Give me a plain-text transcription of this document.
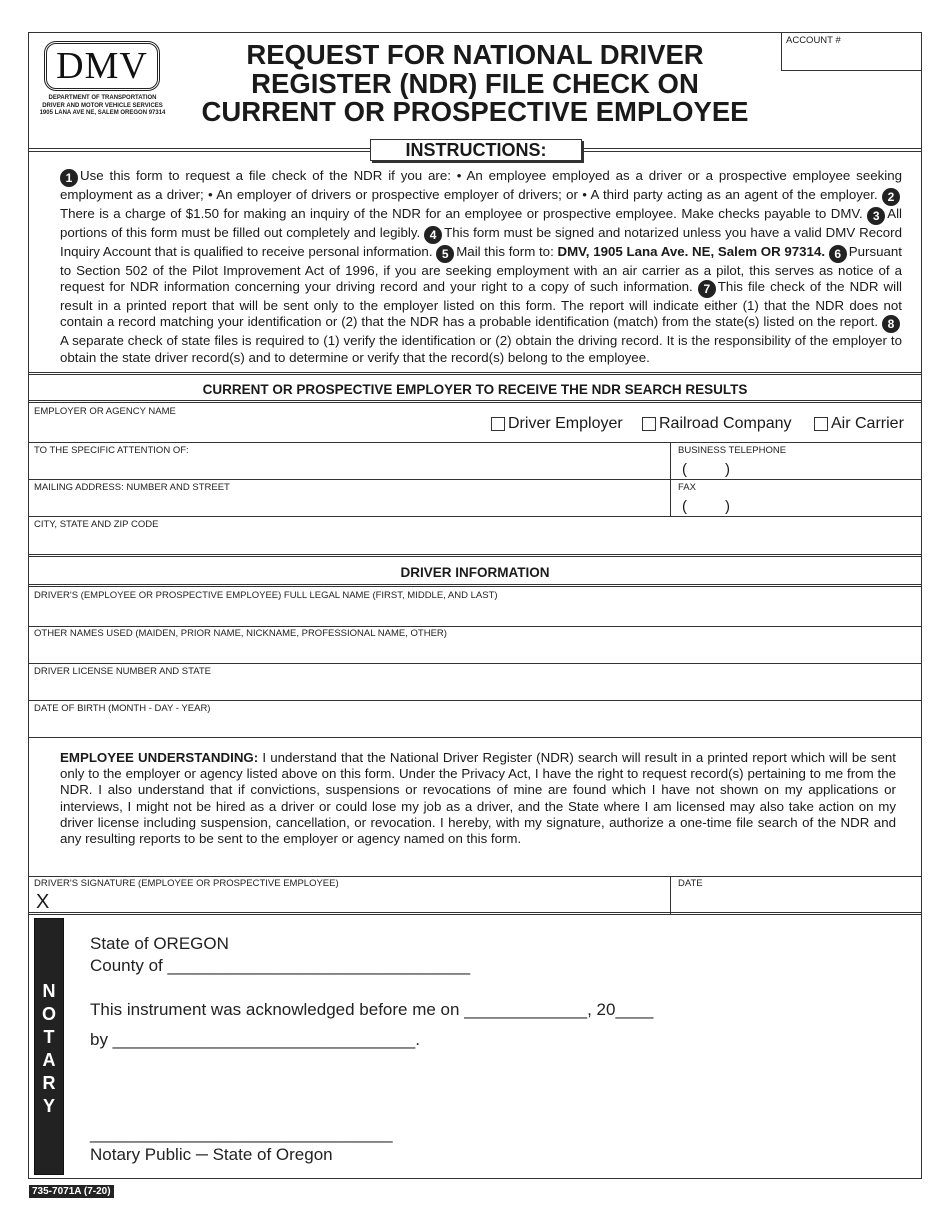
DMV
DEPARTMENT OF TRANSPORTATION
DRIVER AND MOTOR VEHICLE SERVICES
1905 LANA AVE NE, SALEM OREGON 97314
REQUEST FOR NATIONAL DRIVER
REGISTER (NDR) FILE CHECK ON
CURRENT OR PROSPECTIVE EMPLOYEE
ACCOUNT #
INSTRUCTIONS:
1 Use this form to request a file check of the NDR if you are: • An employee employed as a driver or a prospective employee seeking employment as a driver; • An employer of drivers or prospective employer of drivers; or • A third party acting as an agent of the employer. 2There is a charge of $1.50 for making an inquiry of the NDR for an employee or prospective employee. Make checks payable to DMV. 3 All portions of this form must be filled out completely and legibly. 4 This form must be signed and notarized unless you have a valid DMV Record Inquiry Account that is qualified to receive personal information. 5 Mail this form to: DMV, 1905 Lana Ave. NE, Salem OR 97314. 6 Pursuant to Section 502 of the Pilot Improvement Act of 1996, if you are seeking employment with an air carrier as a pilot, this serves as notice of a request for NDR information concerning your driving record and your right to a copy of such information. 7 This file check of the NDR will result in a printed report that will be sent only to the employer listed on this form. The report will indicate either (1) that the NDR does not contain a record matching your identification or (2) that the NDR has a probable identification (match) from the state(s) listed on the report. 8A separate check of state files is required to (1) verify the identification or (2) obtain the driving record. It is the responsibility of the employer to obtain the state driver record(s) and to determine or verify that the record(s) belong to the employee.
CURRENT OR PROSPECTIVE EMPLOYER TO RECEIVE THE NDR SEARCH RESULTS
EMPLOYER OR AGENCY NAME
Driver Employer Railroad Company Air Carrier
TO THE SPECIFIC ATTENTION OF:	BUSINESS TELEPHONE
(	)
MAILING ADDRESS: NUMBER AND STREET	FAX
(	)
CITY, STATE AND ZIP CODE
DRIVER INFORMATION
DRIVER'S (EMPLOYEE OR PROSPECTIVE EMPLOYEE) FULL LEGAL NAME (FIRST, MIDDLE, AND LAST)
OTHER NAMES USED (MAIDEN, PRIOR NAME, NICKNAME, PROFESSIONAL NAME, OTHER)
DRIVER LICENSE NUMBER AND STATE
DATE OF BIRTH (MONTH - DAY - YEAR)
EMPLOYEE UNDERSTANDING: I understand that the National Driver Register (NDR) search will result in a printed report which will be sent only to the employer or agency listed above on this form. Under the Privacy Act, I have the right to request record(s) pertaining to me from the NDR. I also understand that if convictions, suspensions or revocations of mine are found which I have not shown on my applications or interviews, I might not be hired as a driver or could lose my job as a driver, and the State where I am licensed may also take action on my driver license including suspension, cancellation, or revocation. I hereby, with my signature, authorize a one-time file search of the NDR and any resulting reports to be sent to the employer or agency named on this form.
DRIVER'S SIGNATURE (EMPLOYEE OR PROSPECTIVE EMPLOYEE)	DATE
X
N
O
T
A
R
Y
State of OREGON
County of ________________________________
This instrument was acknowledged before me on _____________, 20____
by ________________________________.
________________________________
Notary Public ─ State of Oregon
735-7071A (7-20)
